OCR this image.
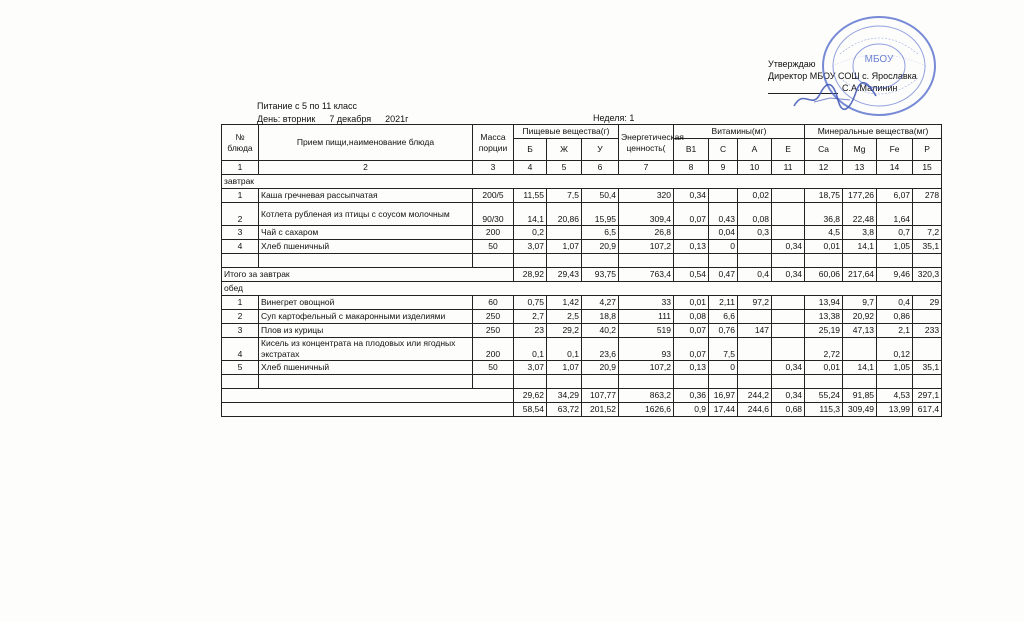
Утверждаю
Директор МБОУ СОШ с. Ярославка
С.А.Малинин
МБОУ
Питание с 5 по 11 класс
День: вторник 7 декабря 2021г	Неделя: 1
№ блюда	Прием пищи,наименование блюда	Масса порции	Пищевые вещества(г)			Энергетическая ценность(	Витамины(мг)				Минеральные вещества(мг)			
			Б	Ж	У		B1	C	A	E	Ca	Mg	Fe	P
1	2	3	4	5	6	7	8	9	10	11	12	13	14	15
завтрак														
1	Каша гречневая рассыпчатая	200/5	11,55	7,5	50,4	320	0,34		0,02		18,75	177,26	6,07	278
2	Котлета рубленая из птицы с соусом молочным	90/30	14,1	20,86	15,95	309,4	0,07	0,43	0,08		36,8	22,48	1,64	
3	Чай с сахаром	200	0,2		6,5	26,8		0,04	0,3		4,5	3,8	0,7	7,2
4	Хлеб пшеничный	50	3,07	1,07	20,9	107,2	0,13	0		0,34	0,01	14,1	1,05	35,1

Итого за завтрак			28,92	29,43	93,75	763,4	0,54	0,47	0,4	0,34	60,06	217,64	9,46	320,3
обед														
1	Винегрет овощной	60	0,75	1,42	4,27	33	0,01	2,11	97,2		13,94	9,7	0,4	29
2	Суп картофельный с макаронными изделиями	250	2,7	2,5	18,8	111	0,08	6,6			13,38	20,92	0,86	
3	Плов из курицы	250	23	29,2	40,2	519	0,07	0,76	147		25,19	47,13	2,1	233
4	Кисель из концентрата на плодовых или ягодных экстратах	200	0,1	0,1	23,6	93	0,07	7,5			2,72		0,12	
5	Хлеб пшеничный	50	3,07	1,07	20,9	107,2	0,13	0		0,34	0,01	14,1	1,05	35,1

			29,62	34,29	107,77	863,2	0,36	16,97	244,2	0,34	55,24	91,85	4,53	297,1
			58,54	63,72	201,52	1626,6	0,9	17,44	244,6	0,68	115,3	309,49	13,99	617,4
